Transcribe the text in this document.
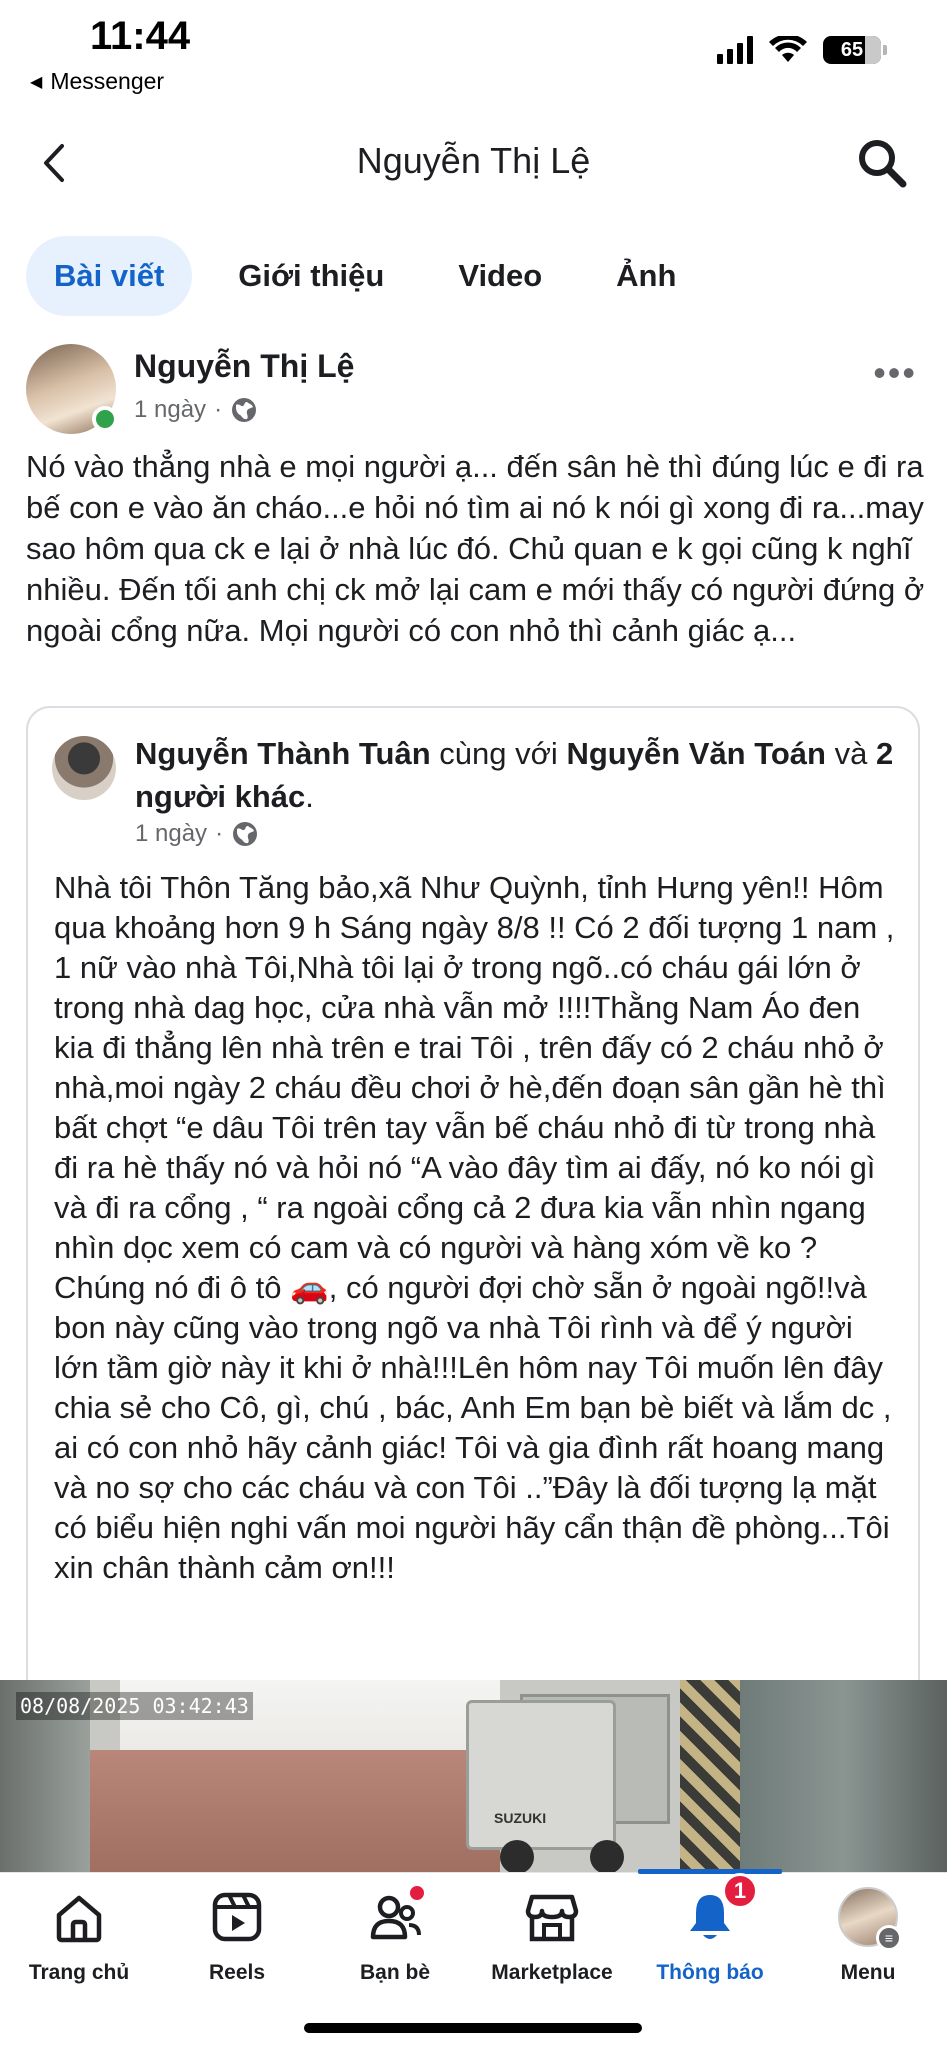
11:44
◀ Messenger
65
Nguyễn Thị Lệ
Bài viết	Giới thiệu	Video	Ảnh
Nguyễn Thị Lệ
1 ngày ·
•••
Nó vào thẳng nhà e mọi người ạ... đến sân hè thì đúng lúc e đi ra bế con e vào ăn cháo...e hỏi nó tìm ai nó k nói gì xong đi ra...may sao hôm qua ck e lại ở nhà lúc đó. Chủ quan e k gọi cũng k nghĩ nhiều. Đến tối anh chị ck mở lại cam e mới thấy có người đứng ở ngoài cổng nữa. Mọi người có con nhỏ thì cảnh giác ạ...
Nguyễn Thành Tuân cùng với Nguyễn Văn Toán và 2 người khác.
1 ngày ·
Nhà tôi Thôn Tăng bảo,xã Như Quỳnh, tỉnh Hưng yên!! Hôm qua khoảng hơn 9 h Sáng ngày 8/8 !! Có 2 đối tượng 1 nam , 1 nữ vào nhà Tôi,Nhà tôi lại ở trong ngõ..có cháu gái lớn ở trong nhà dag học, cửa nhà vẫn mở !!!!Thằng Nam Áo đen kia đi thẳng lên nhà trên e trai Tôi , trên đấy có 2 cháu nhỏ ở nhà,moi ngày 2 cháu đều chơi ở hè,đến đoạn sân gần hè thì bất chợt “e dâu Tôi trên tay vẫn bế cháu nhỏ đi từ trong nhà đi ra hè thấy nó và hỏi nó “A vào đây tìm ai đấy, nó ko nói gì và đi ra cổng , “ ra ngoài cổng cả 2 đưa kia vẫn nhìn ngang nhìn dọc xem có cam và có người và hàng xóm về ko ? Chúng nó đi ô tô 🚗, có người đợi chờ sẵn ở ngoài ngõ!!và bon này cũng vào trong ngõ va nhà Tôi rình và để ý người lớn tầm giờ này it khi ở nhà!!!Lên hôm nay Tôi muốn lên đây chia sẻ cho Cô, gì, chú , bác, Anh Em bạn bè biết và lắm dc , ai có con nhỏ hãy cảnh giác! Tôi và gia đình rất hoang mang và no sợ cho các cháu và con Tôi ..”Đây là đối tượng lạ mặt có biểu hiện nghi vấn moi người hãy cẩn thận đề phòng...Tôi xin chân thành cảm ơn!!!
08/08/2025 03:42:43
SUZUKI
Trang chủ	Reels	Bạn bè	Marketplace
1
Thông báo
≡
Menu
